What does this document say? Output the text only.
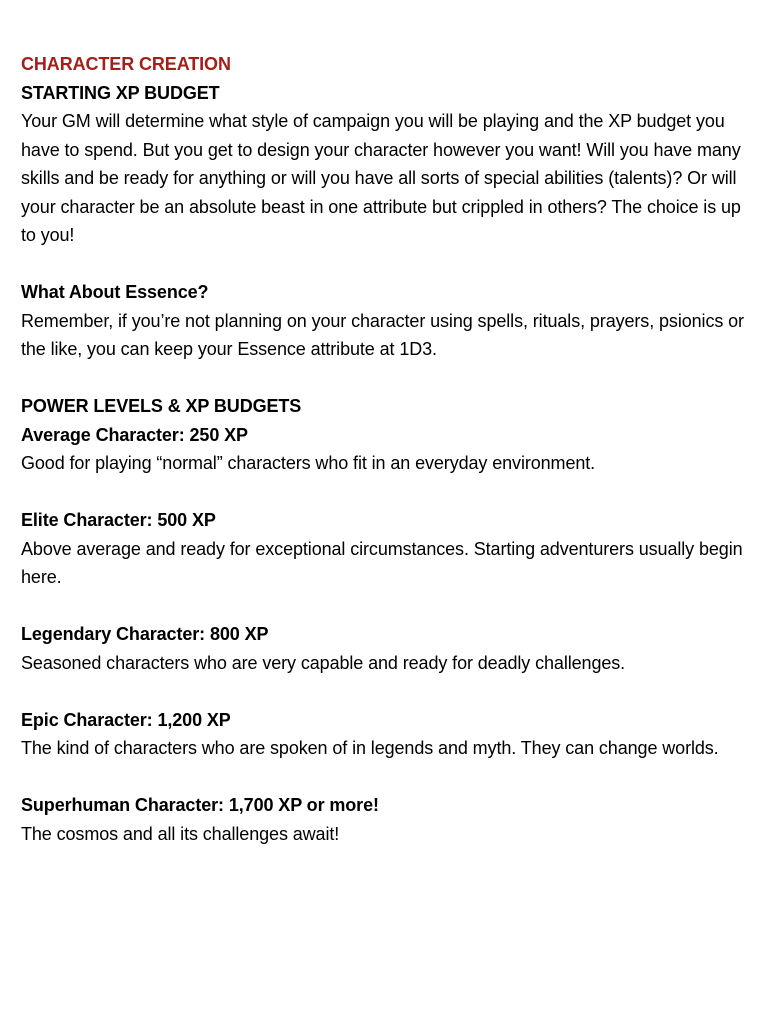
CHARACTER CREATION

STARTING XP BUDGET

Your GM will determine what style of campaign you will be playing and the XP budget you have to spend. But you get to design your character however you want! Will you have many skills and be ready for anything or will you have all sorts of special abilities (talents)? Or will your character be an absolute beast in one attribute but crippled in others? The choice is up to you!

What About Essence?

Remember, if you’re not planning on your character using spells, rituals, prayers, psionics or the like, you can keep your Essence attribute at 1D3.

POWER LEVELS & XP BUDGETS

Average Character: 250 XP

Good for playing “normal” characters who fit in an everyday environment.

Elite Character: 500 XP

Above average and ready for exceptional circumstances. Starting adventurers usually begin here.

Legendary Character: 800 XP

Seasoned characters who are very capable and ready for deadly challenges.

Epic Character: 1,200 XP

The kind of characters who are spoken of in legends and myth. They can change worlds.

Superhuman Character: 1,700 XP or more!

The cosmos and all its challenges await!
